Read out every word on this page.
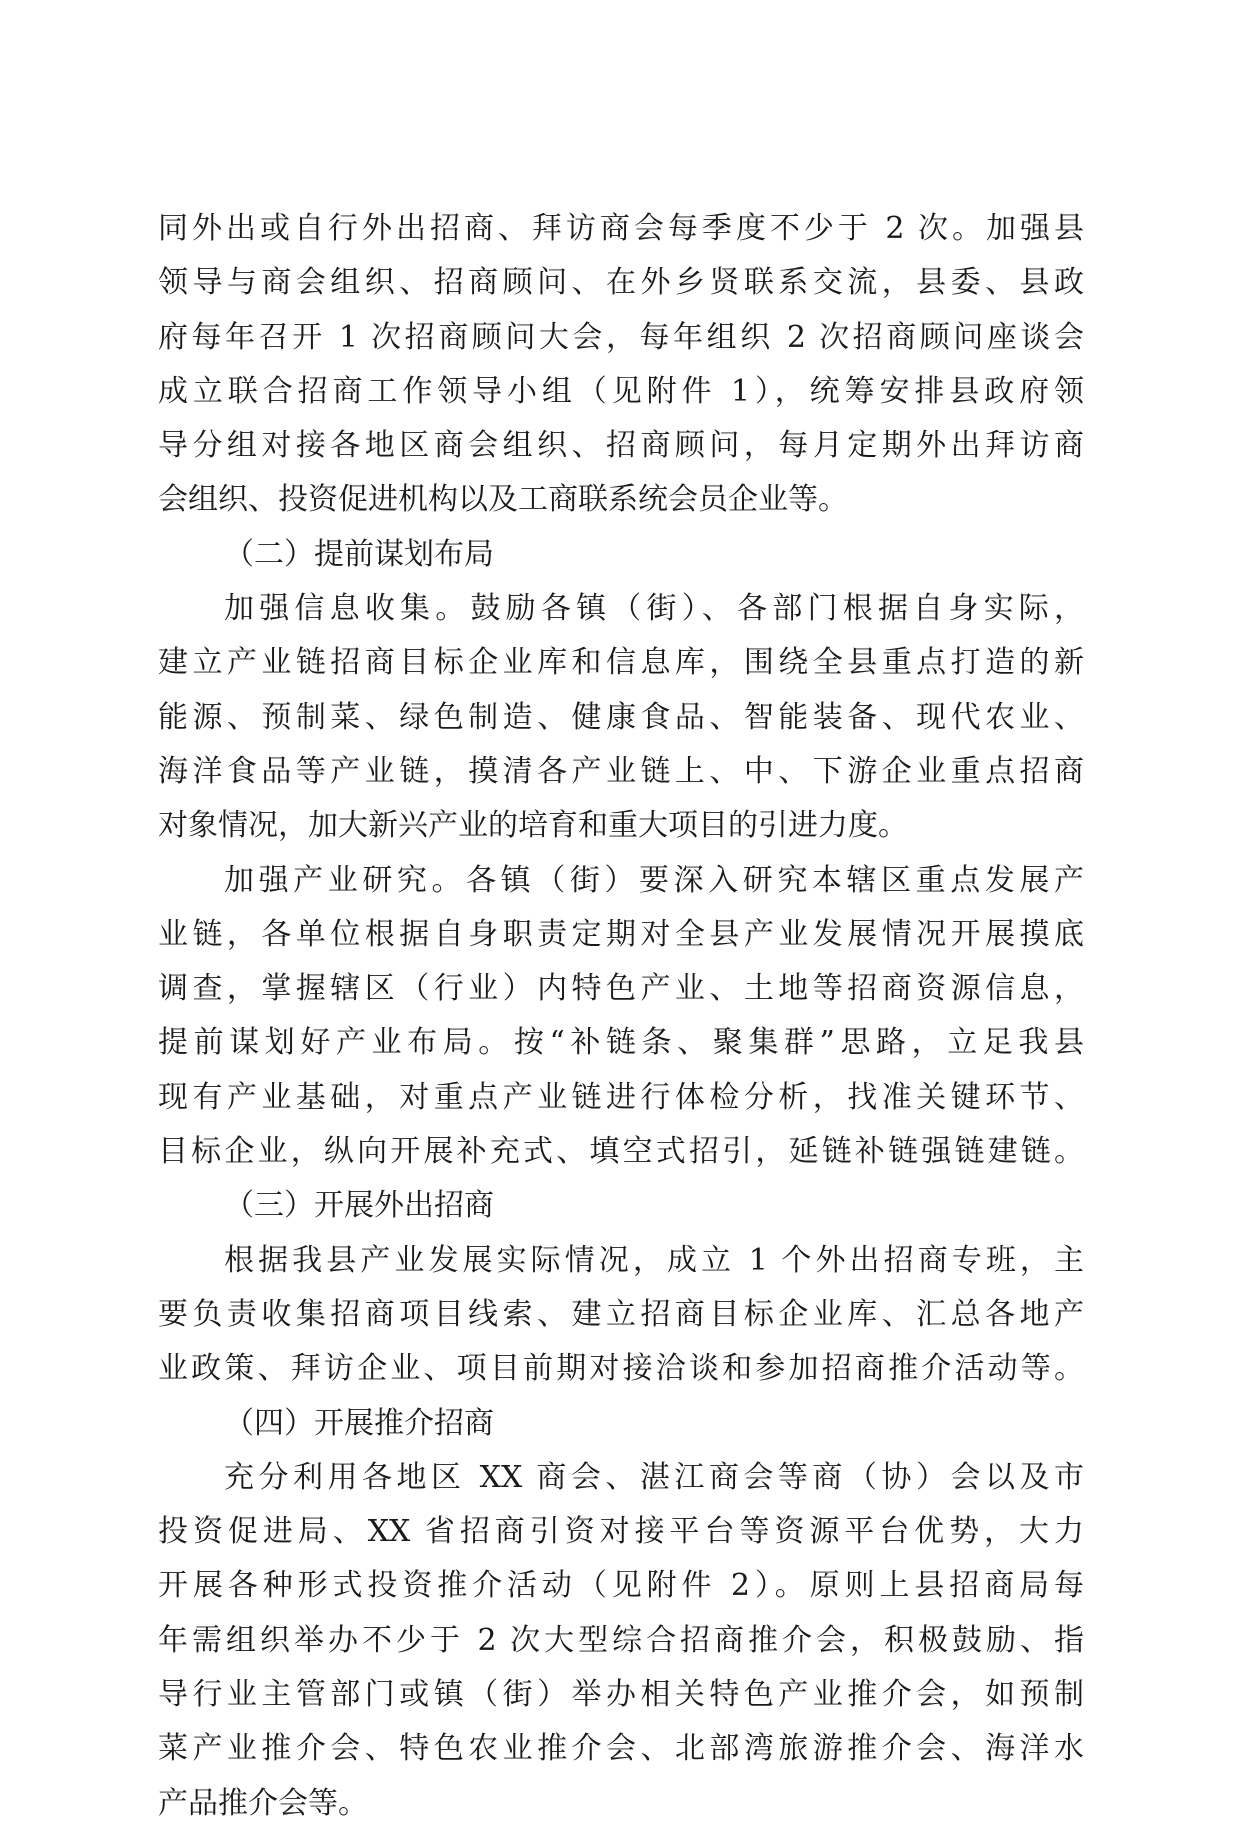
同外出或自行外出招商、拜访商会每季度不少于 2 次。加强县
领导与商会组织、招商顾问、在外乡贤联系交流，县委、县政
府每年召开 1 次招商顾问大会，每年组织 2 次招商顾问座谈会
成立联合招商工作领导小组（见附件 1），统筹安排县政府领
导分组对接各地区商会组织、招商顾问，每月定期外出拜访商
会组织、投资促进机构以及工商联系统会员企业等。
（二）提前谋划布局
加强信息收集。鼓励各镇（街）、各部门根据自身实际，
建立产业链招商目标企业库和信息库，围绕全县重点打造的新
能源、预制菜、绿色制造、健康食品、智能装备、现代农业、
海洋食品等产业链，摸清各产业链上、中、下游企业重点招商
对象情况，加大新兴产业的培育和重大项目的引进力度。
加强产业研究。各镇（街）要深入研究本辖区重点发展产
业链，各单位根据自身职责定期对全县产业发展情况开展摸底
调查，掌握辖区（行业）内特色产业、土地等招商资源信息，
提前谋划好产业布局。按“补链条、聚集群”思路，立足我县
现有产业基础，对重点产业链进行体检分析，找准关键环节、
目标企业，纵向开展补充式、填空式招引，延链补链强链建链。
（三）开展外出招商
根据我县产业发展实际情况，成立 1 个外出招商专班，主
要负责收集招商项目线索、建立招商目标企业库、汇总各地产
业政策、拜访企业、项目前期对接洽谈和参加招商推介活动等。
（四）开展推介招商
充分利用各地区 XX 商会、湛江商会等商（协）会以及市
投资促进局、XX 省招商引资对接平台等资源平台优势，大力
开展各种形式投资推介活动（见附件 2）。原则上县招商局每
年需组织举办不少于 2 次大型综合招商推介会，积极鼓励、指
导行业主管部门或镇（街）举办相关特色产业推介会，如预制
菜产业推介会、特色农业推介会、北部湾旅游推介会、海洋水
产品推介会等。
